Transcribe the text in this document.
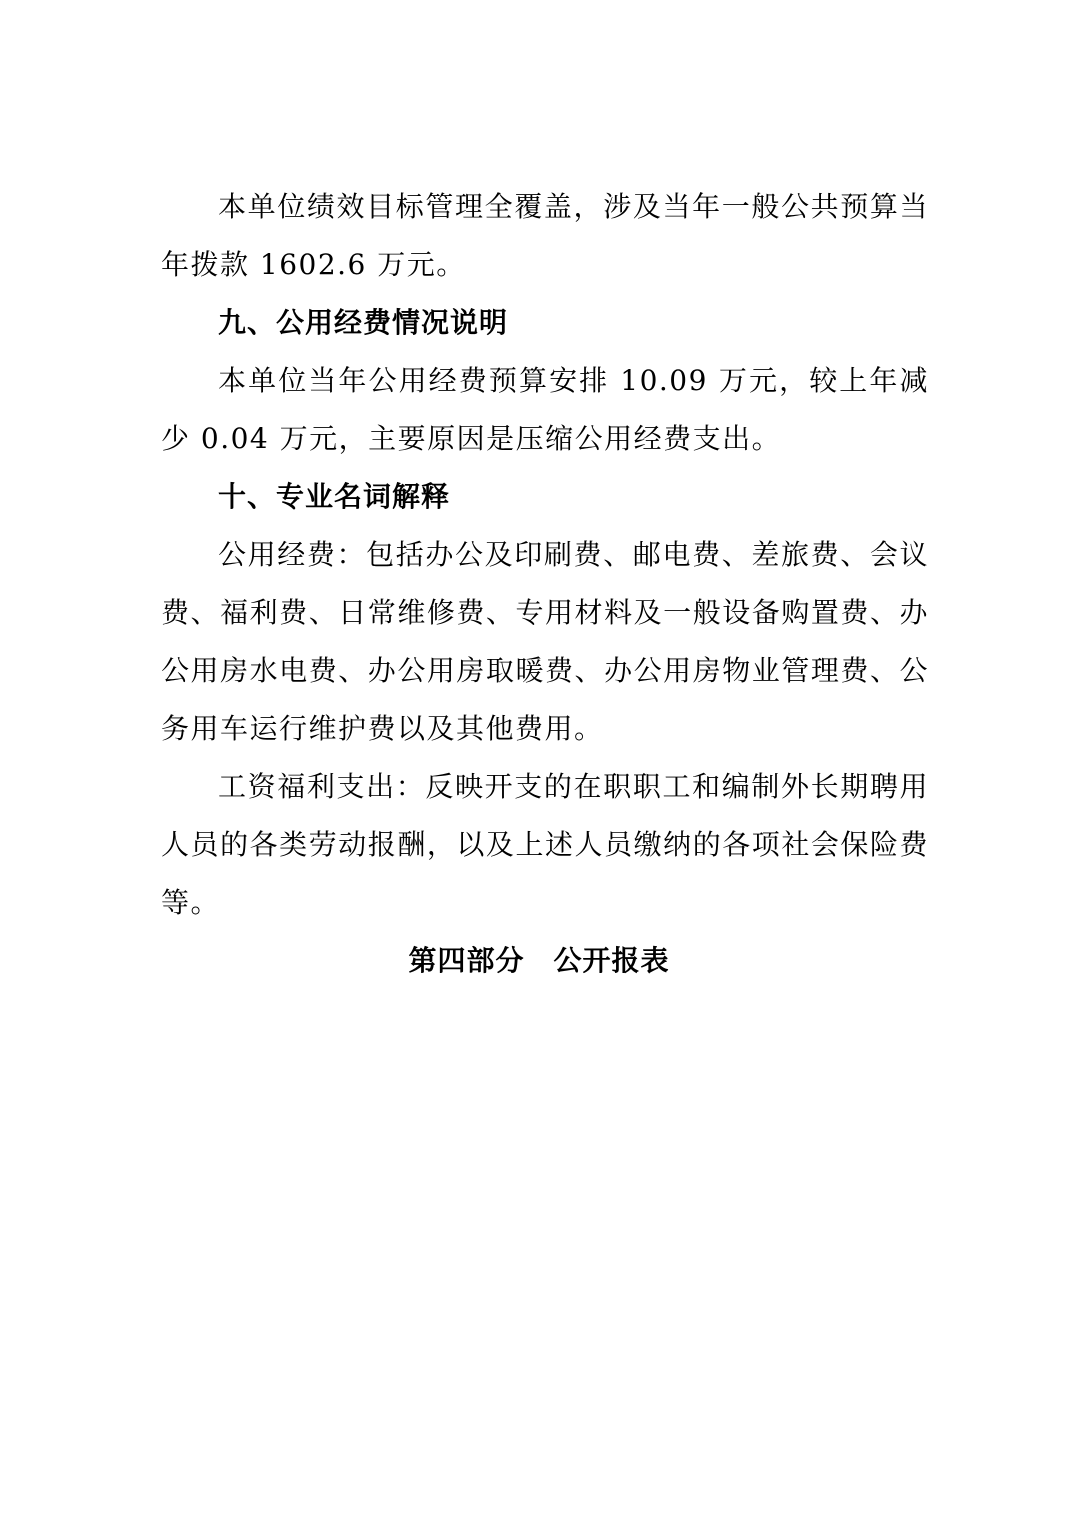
本单位绩效目标管理全覆盖，涉及当年一般公共预算当年拨款 1602.6 万元。

九、公用经费情况说明

本单位当年公用经费预算安排 10.09 万元，较上年减少 0.04 万元，主要原因是压缩公用经费支出。

十、专业名词解释

公用经费：包括办公及印刷费、邮电费、差旅费、会议费、福利费、日常维修费、专用材料及一般设备购置费、办公用房水电费、办公用房取暖费、办公用房物业管理费、公务用车运行维护费以及其他费用。

工资福利支出：反映开支的在职职工和编制外长期聘用人员的各类劳动报酬，以及上述人员缴纳的各项社会保险费等。

第四部分　公开报表
